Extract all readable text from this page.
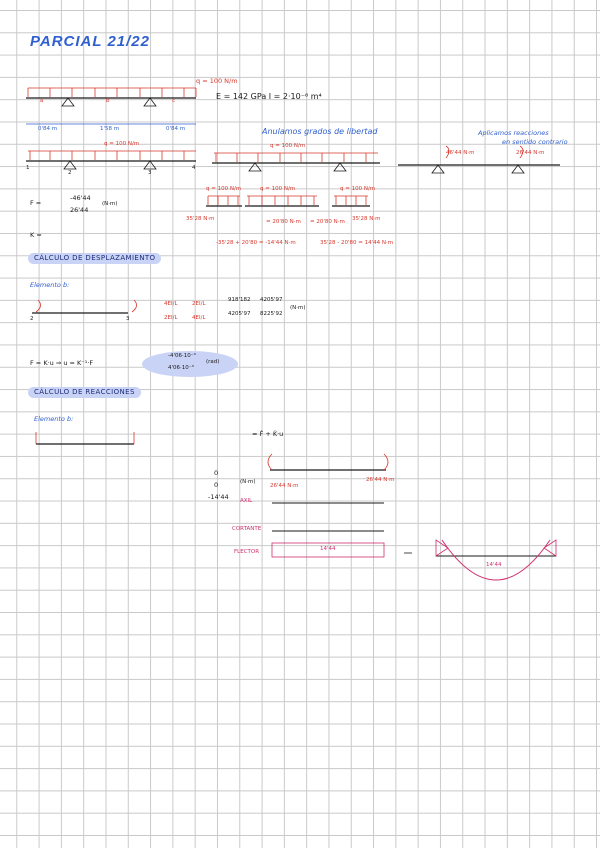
PARCIAL 21/22
q = 100 N/m
E = 142 GPa I = 2·10⁻⁶ m⁴
a	b	c
0'84 m	1'58 m	0'84 m	Anulamos grados de libertad	Aplicamos reacciones
en sentido contrario
q = 100 N/m
1
2	3
4
q = 100 N/m
46'44 N·m	26'44 N·m
q = 100 N/m	q = 100 N/m	q = 100 N/m
35'28 N·m	= 20'80 N·m = 20'80 N·m 35'28 N·m
-35'28 + 20'80 = -14'44 N·m	35'28 - 20'80 = 14'44 N·m
F =
-46'44
26'44
(N·m)
K =
CÁLCULO DE DESPLAZAMIENTO
Elemento b:
2	3
4EI/L	2EI/L
2EI/L	4EI/L
918'182 4205'97
4205'97 8225'92
(N·m)
F = K·u ⇒ u = K⁻¹·F
-4'06·10⁻³
4'06·10⁻³
(rad)
CÁLCULO DE REACCIONES
Elemento b:
= F̂ + K̂·u
26'44 N·m
26'44 N·m
0
0
-14'44
(N·m)
AXIL
CORTANTE
FLECTOR	14'44
14'44
